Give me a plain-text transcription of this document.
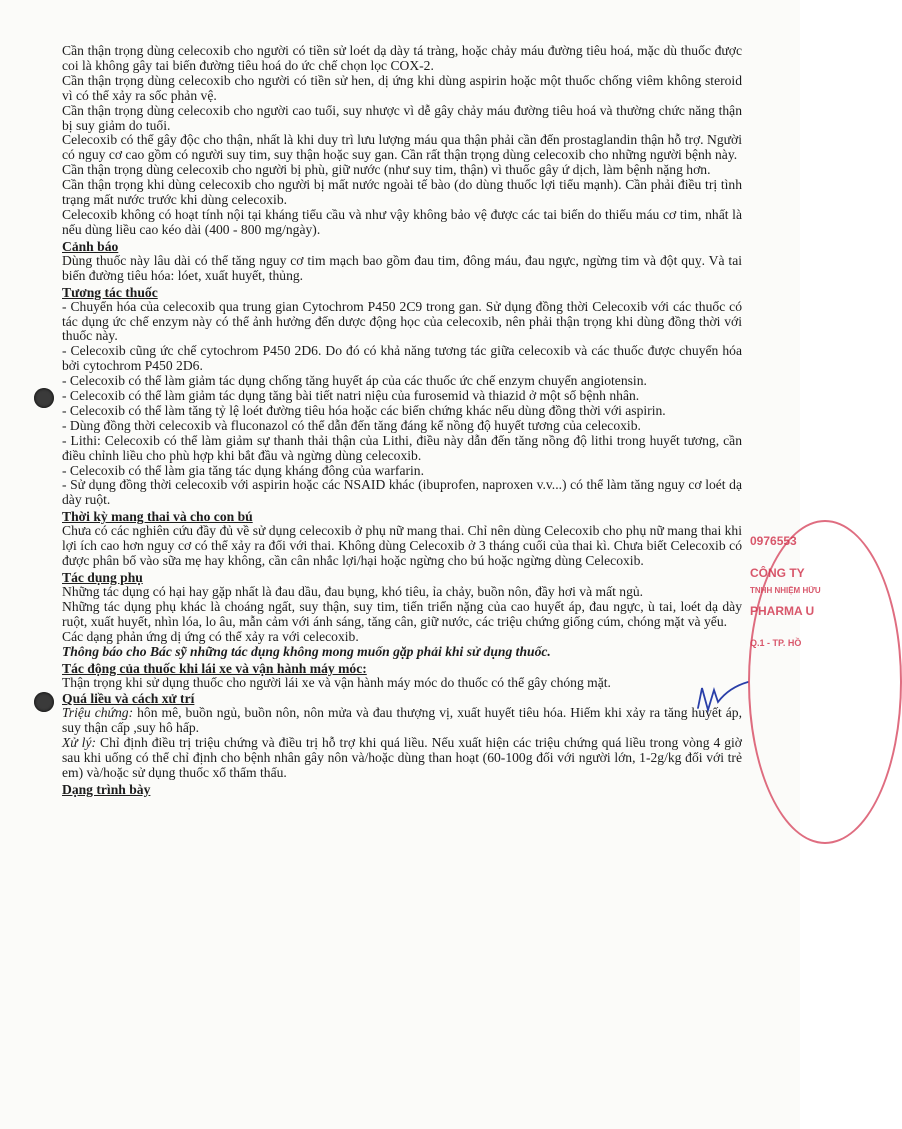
Cần thận trọng dùng celecoxib cho người có tiền sử loét dạ dày tá tràng, hoặc chảy máu đường tiêu hoá, mặc dù thuốc được coi là không gây tai biến đường tiêu hoá do ức chế chọn lọc COX-2.

Cần thận trọng dùng celecoxib cho người có tiền sử hen, dị ứng khi dùng aspirin hoặc một thuốc chống viêm không steroid vì có thể xảy ra sốc phản vệ.

Cần thận trọng dùng celecoxib cho người cao tuổi, suy nhược vì dễ gây chảy máu đường tiêu hoá và thường chức năng thận bị suy giảm do tuổi.

Celecoxib có thể gây độc cho thận, nhất là khi duy trì lưu lượng máu qua thận phải cần đến prostaglandin thận hỗ trợ. Người có nguy cơ cao gồm có người suy tim, suy thận hoặc suy gan. Cần rất thận trọng dùng celecoxib cho những người bệnh này.

Cần thận trọng dùng celecoxib cho người bị phù, giữ nước (như suy tim, thận) vì thuốc gây ứ dịch, làm bệnh nặng hơn.

Cần thận trọng khi dùng celecoxib cho người bị mất nước ngoài tế bào (do dùng thuốc lợi tiểu mạnh). Cần phải điều trị tình trạng mất nước trước khi dùng celecoxib.

Celecoxib không có hoạt tính nội tại kháng tiểu cầu và như vậy không bảo vệ được các tai biến do thiếu máu cơ tim, nhất là nếu dùng liều cao kéo dài (400 - 800 mg/ngày).

Cảnh báo

Dùng thuốc này lâu dài có thể tăng nguy cơ tim mạch bao gồm đau tim, đông máu, đau ngực, ngừng tim và đột quỵ. Và tai biến đường tiêu hóa: lóet, xuất huyết, thủng.

Tương tác thuốc

- Chuyển hóa của celecoxib qua trung gian Cytochrom P450 2C9 trong gan. Sử dụng đồng thời Celecoxib với các thuốc có tác dụng ức chế enzym này có thể ảnh hưởng đến dược động học của celecoxib, nên phải thận trọng khi dùng đồng thời với thuốc này.

- Celecoxib cũng ức chế cytochrom P450 2D6. Do đó có khả năng tương tác giữa celecoxib và các thuốc được chuyển hóa bởi cytochrom P450 2D6.

- Celecoxib có thể làm giảm tác dụng chống tăng huyết áp của các thuốc ức chế enzym chuyển angiotensin.

- Celecoxib có thể làm giảm tác dụng tăng bài tiết natri niệu của furosemid và thiazid ở một số bệnh nhân.

- Celecoxib có thể làm tăng tỷ lệ loét đường tiêu hóa hoặc các biến chứng khác nếu dùng đồng thời với aspirin.

- Dùng đồng thời celecoxib và fluconazol có thể dẫn đến tăng đáng kể nồng độ huyết tương của celecoxib.

- Lithi: Celecoxib có thể làm giảm sự thanh thải thận của Lithi, điều này dẫn đến tăng nồng độ lithi trong huyết tương, cần điều chỉnh liều cho phù hợp khi bắt đầu và ngừng dùng celecoxib.

- Celecoxib có thể làm gia tăng tác dụng kháng đông của warfarin.

- Sử dụng đồng thời celecoxib với aspirin hoặc các NSAID khác (ibuprofen, naproxen v.v...) có thể làm tăng nguy cơ loét dạ dày ruột.

Thời kỳ mang thai và cho con bú

Chưa có các nghiên cứu đầy đủ về sử dụng celecoxib ở phụ nữ mang thai. Chỉ nên dùng Celecoxib cho phụ nữ mang thai khi lợi ích cao hơn nguy cơ có thể xảy ra đối với thai. Không dùng Celecoxib ở 3 tháng cuối của thai kì. Chưa biết Celecoxib có được phân bố vào sữa mẹ hay không, cần cân nhắc lợi/hại hoặc ngừng cho bú hoặc ngừng dùng Celecoxib.

Tác dụng phụ

Những tác dụng có hại hay gặp nhất là đau dầu, đau bụng, khó tiêu, ỉa chảy, buồn nôn, đầy hơi và mất ngủ.

Những tác dụng phụ khác là choáng ngất, suy thận, suy tim, tiến triển nặng của cao huyết áp, đau ngực, ù tai, loét dạ dày ruột, xuất huyết, nhìn lóa, lo âu, mẫn cảm với ánh sáng, tăng cân, giữ nước, các triệu chứng giống cúm, chóng mặt và yếu.

Các dạng phản ứng dị ứng có thể xảy ra với celecoxib.

Thông báo cho Bác sỹ những tác dụng không mong muốn gặp phải khi sử dụng thuốc.

Tác động của thuốc khi lái xe và vận hành máy móc:

Thận trọng khi sử dụng thuốc cho người lái xe và vận hành máy móc do thuốc có thể gây chóng mặt.

Quá liều và cách xử trí

Triệu chứng: hôn mê, buồn ngủ, buồn nôn, nôn mửa và đau thượng vị, xuất huyết tiêu hóa. Hiếm khi xảy ra tăng huyết áp, suy thận cấp ,suy hô hấp.

Xử lý: Chỉ định điều trị triệu chứng và điều trị hỗ trợ khi quá liều. Nếu xuất hiện các triệu chứng quá liều trong vòng 4 giờ sau khi uống có thể chỉ định cho bệnh nhân gây nôn và/hoặc dùng than hoạt (60-100g đối với người lớn, 1-2g/kg đối với trẻ em) và/hoặc sử dụng thuốc xổ thẩm thấu.

Dạng trình bày
0976553
CÔNG TY
TNHH NHIỆM HỮU
PHARMA U
Q.1 - TP. HỒ
